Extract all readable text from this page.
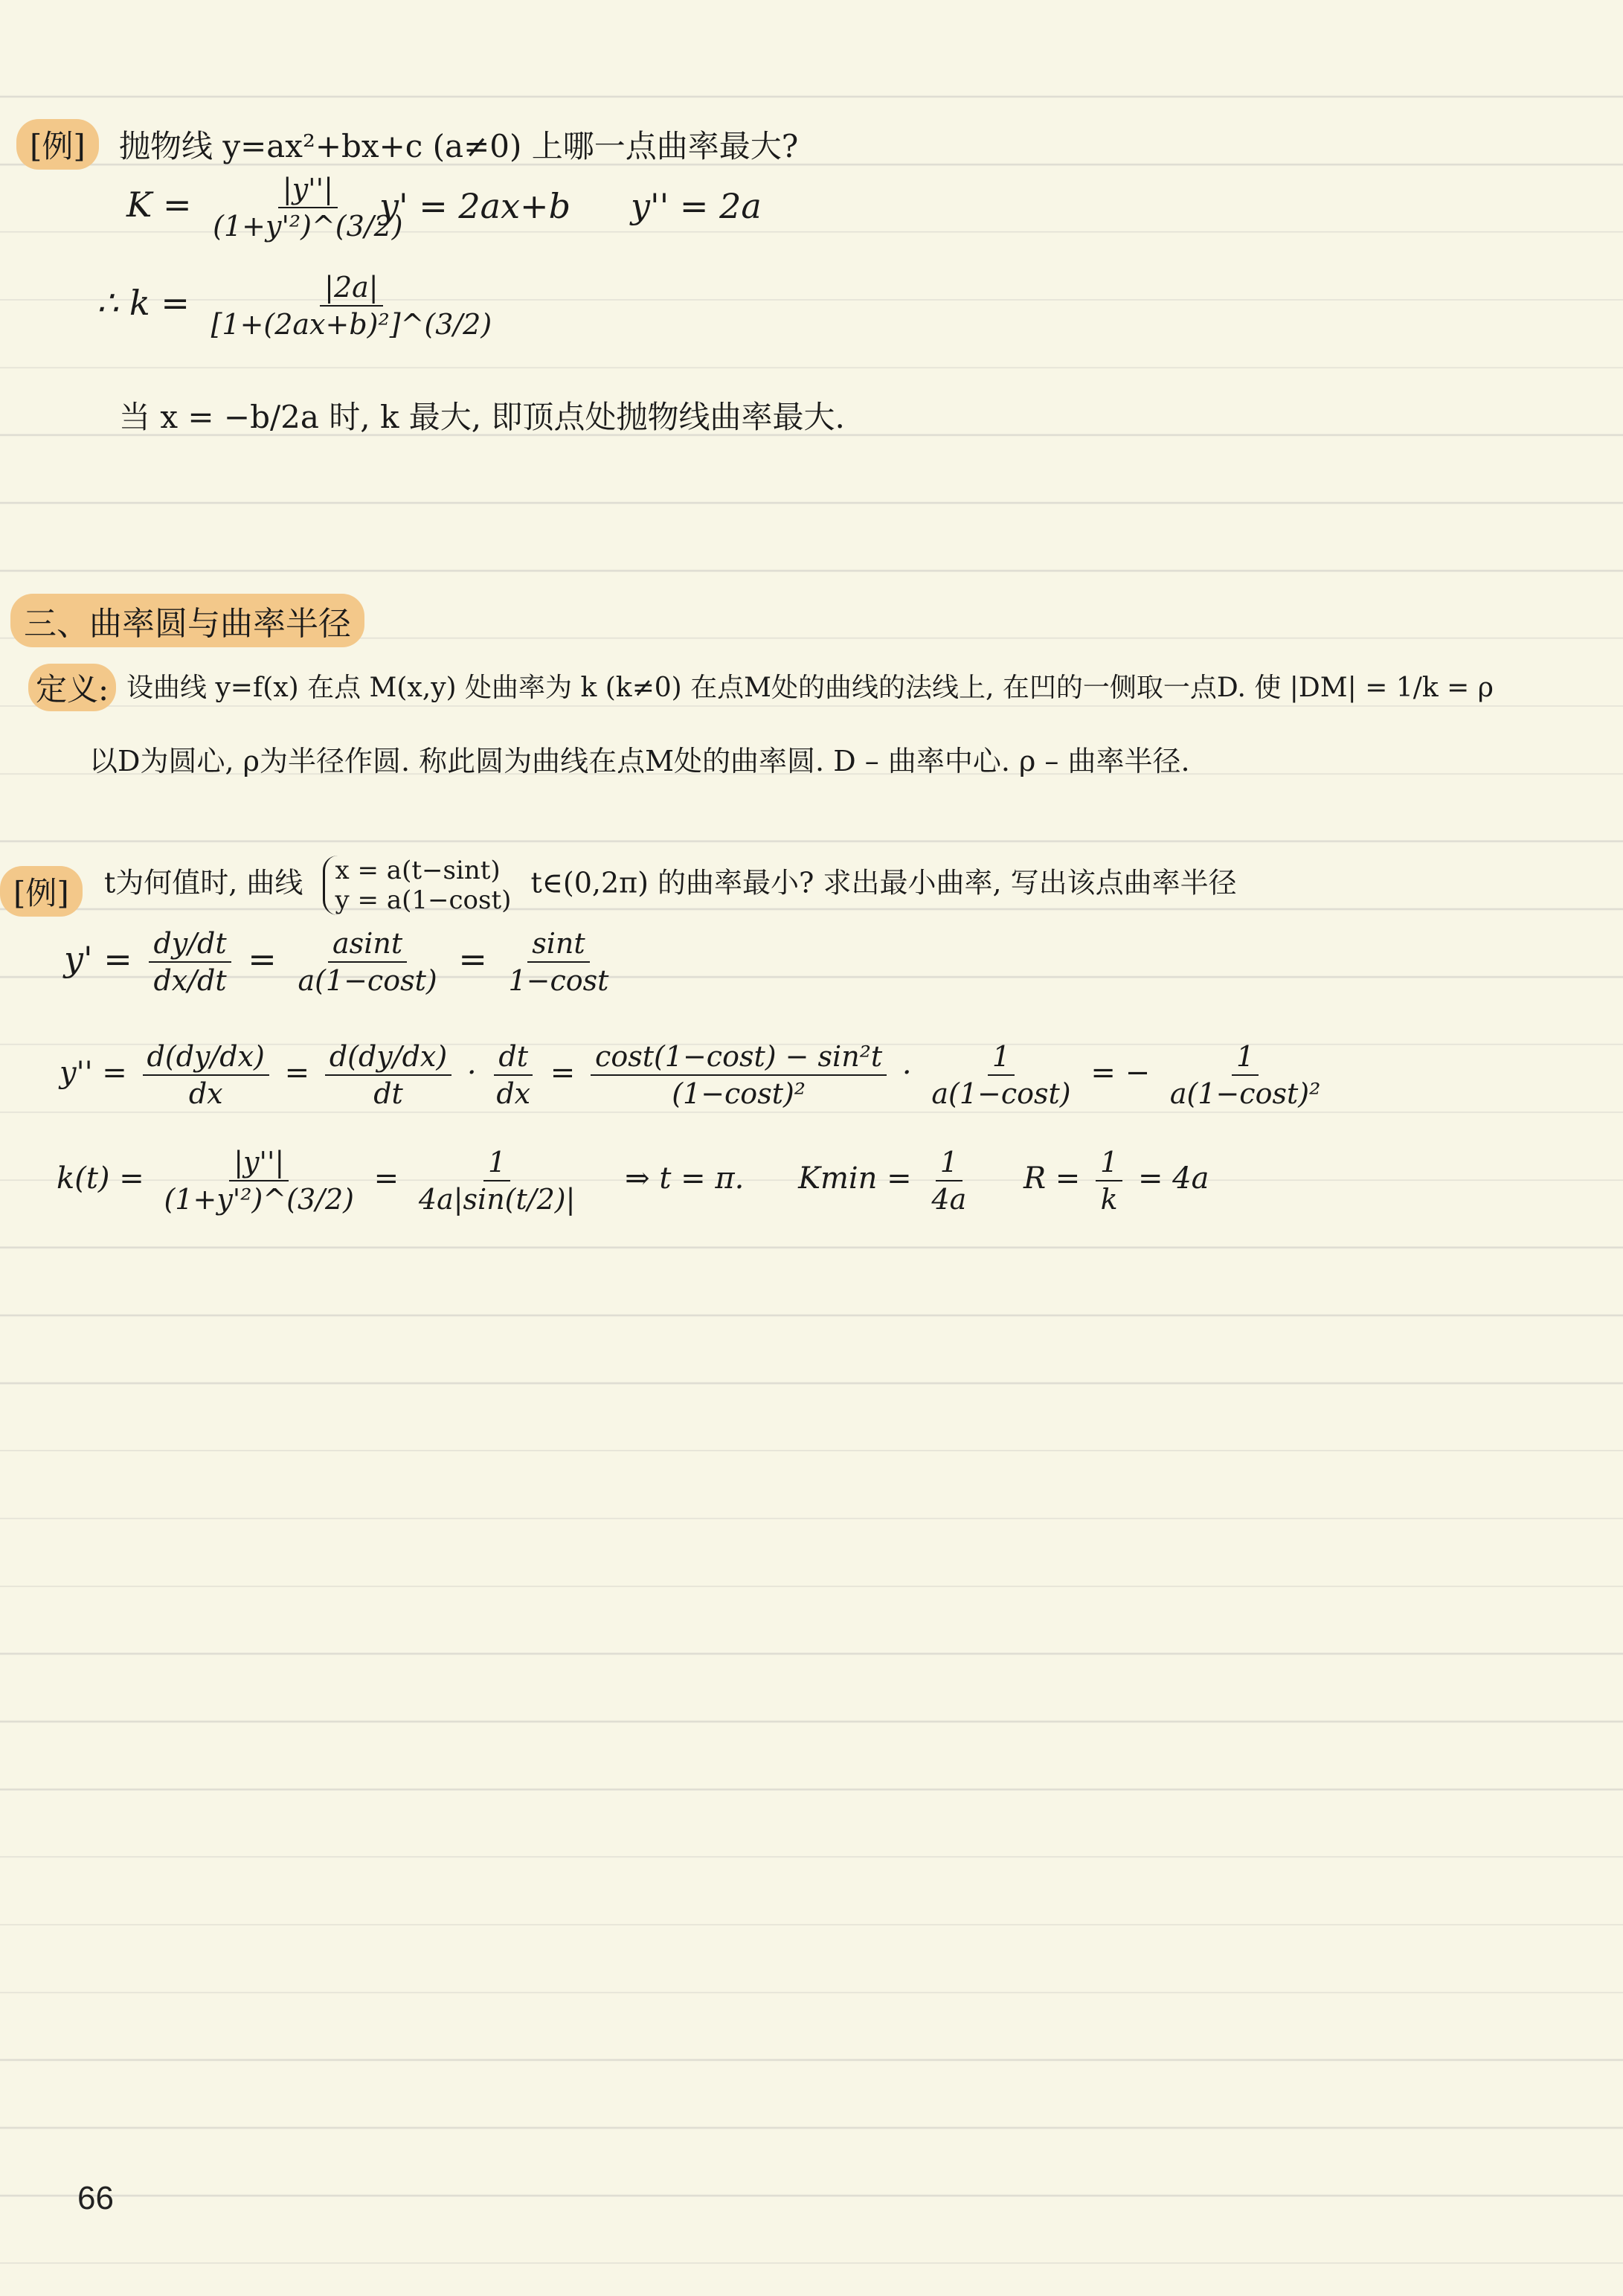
[例]	抛物线 y=ax²+bx+c (a≠0) 上哪一点曲率最大?
$K = \frac{|y''|}{\text{(1+y'²)\textasciicircum{}(3/2)}}$
y' = 2ax+b y'' = 2a
∴ $k = \frac{|2a|}{\text{[1+(2ax+b)²]\textasciicircum{}(3/2)}}$
当 x = −b/2a 时, k 最大, 即顶点处抛物线曲率最大.
三、曲率圆与曲率半径
定义: 设曲线 y=f(x) 在点 M(x,y) 处曲率为 k (k≠0) 在点M处的曲线的法线上, 在凹的一侧取一点D. 使 |DM| = 1/k = ρ
以D为圆心, ρ为半径作圆. 称此圆为曲线在点M处的曲率圆. D – 曲率中心. ρ – 曲率半径.
[例]	t为何值时, 曲线 x = a(t−sint)
y = a(1−cost)
t∈(0,2π) 的曲率最小? 求出最小曲率, 写出该点曲率半径
$y' = \frac{dy/dt}{dx/dt} = \frac{asint}{a(1-\cos t)} = \frac{\sin t}{1-\cos t}$
$y'' = \frac{d(dy/dx)}{dx} = \frac{d(dy/dx)}{dt} \cdot \frac{dt}{dx} = \frac{\text{cost(1−cost) − sin²t}}{\text{(1−cost)²}} \cdot \frac{1}{a(1-\cos t)}$ = − $\frac{1}{\text{a(1−cost)²}}$
$k(t) = \frac{|y''|}{\text{(1+y'²)\textasciicircum{}(3/2)}} = \frac{1}{4a|\sin(t/2)|}$ ⇒ t = π. $Kmin = \frac{1}{4a}$ $R = \frac{1}{k} = 4a$
66
